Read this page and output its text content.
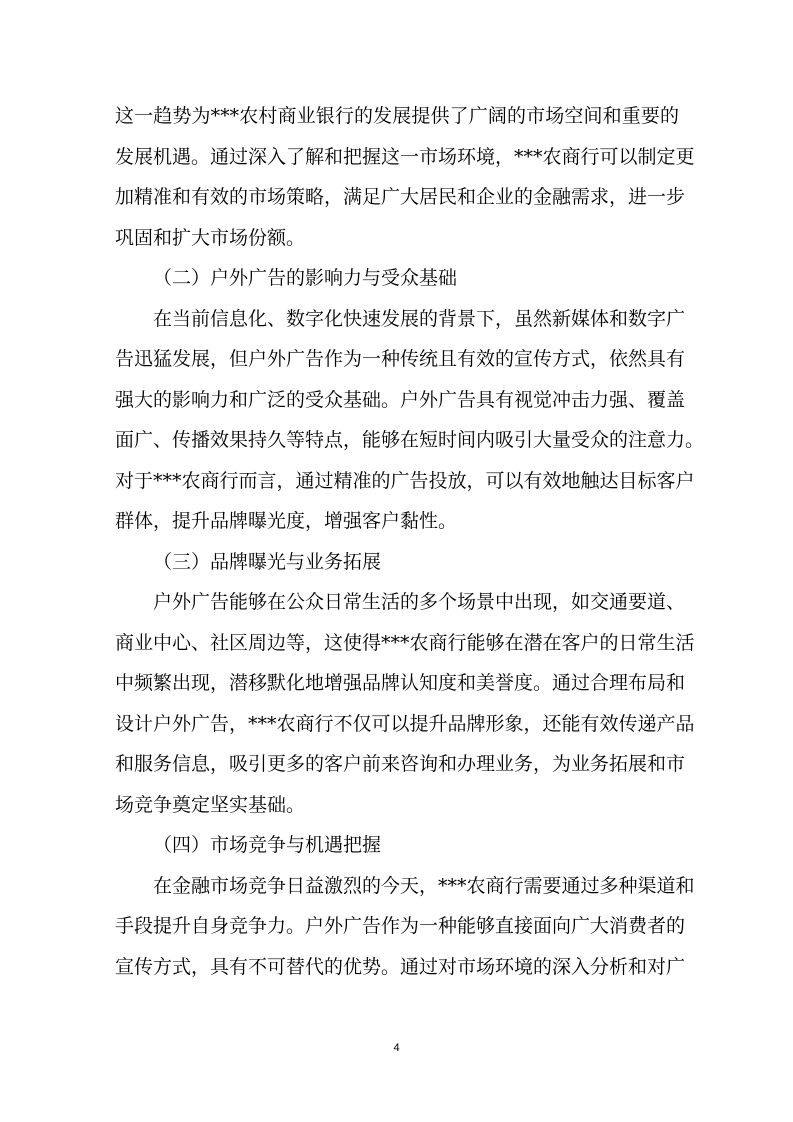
这一趋势为***农村商业银行的发展提供了广阔的市场空间和重要的
发展机遇。通过深入了解和把握这一市场环境，***农商行可以制定更
加精准和有效的市场策略，满足广大居民和企业的金融需求，进一步
巩固和扩大市场份额。
（二）户外广告的影响力与受众基础
在当前信息化、数字化快速发展的背景下，虽然新媒体和数字广
告迅猛发展，但户外广告作为一种传统且有效的宣传方式，依然具有
强大的影响力和广泛的受众基础。户外广告具有视觉冲击力强、覆盖
面广、传播效果持久等特点，能够在短时间内吸引大量受众的注意力。
对于***农商行而言，通过精准的广告投放，可以有效地触达目标客户
群体，提升品牌曝光度，增强客户黏性。
（三）品牌曝光与业务拓展
户外广告能够在公众日常生活的多个场景中出现，如交通要道、
商业中心、社区周边等，这使得***农商行能够在潜在客户的日常生活
中频繁出现，潜移默化地增强品牌认知度和美誉度。通过合理布局和
设计户外广告，***农商行不仅可以提升品牌形象，还能有效传递产品
和服务信息，吸引更多的客户前来咨询和办理业务，为业务拓展和市
场竞争奠定坚实基础。
（四）市场竞争与机遇把握
在金融市场竞争日益激烈的今天，***农商行需要通过多种渠道和
手段提升自身竞争力。户外广告作为一种能够直接面向广大消费者的
宣传方式，具有不可替代的优势。通过对市场环境的深入分析和对广
4
